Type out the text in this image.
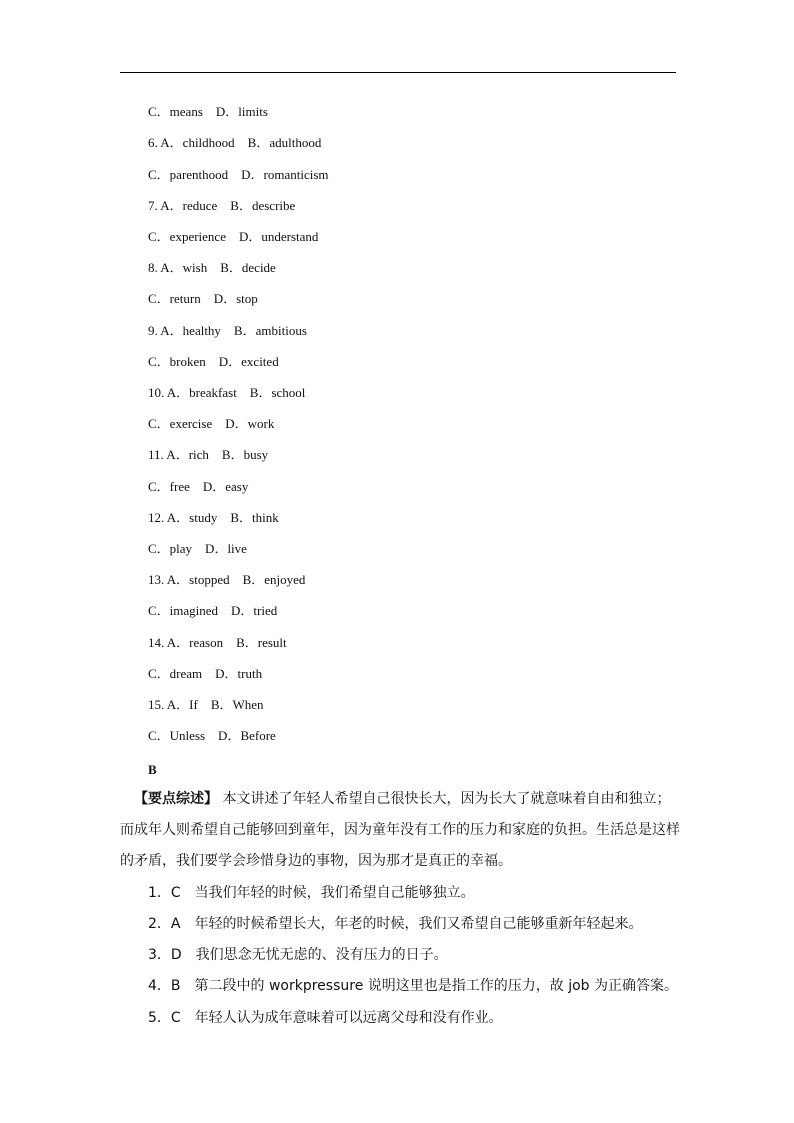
C．means　D．limits
6. A．childhood　B．adulthood
C．parenthood　D．romanticism
7. A．reduce　B．describe
C．experience　D．understand
8. A．wish　B．decide
C．return　D．stop
9. A．healthy　B．ambitious
C．broken　D．excited
10. A．breakfast　B．school
C．exercise　D．work
11. A．rich　B．busy
C．free　D．easy
12. A．study　B．think
C．play　D．live
13. A．stopped　B．enjoyed
C．imagined　D．tried
14. A．reason　B．result
C．dream　D．truth
15. A．If　B．When
C．Unless　D．Before
B
【要点综述】 本文讲述了年轻人希望自己很快长大，因为长大了就意味着自由和独立；
而成年人则希望自己能够回到童年，因为童年没有工作的压力和家庭的负担。生活总是这样
的矛盾，我们要学会珍惜身边的事物，因为那才是真正的幸福。
1．C　当我们年轻的时候，我们希望自己能够独立。
2．A　年轻的时候希望长大，年老的时候，我们又希望自己能够重新年轻起来。
3．D　我们思念无忧无虑的、没有压力的日子。
4．B　第二段中的 workpressure 说明这里也是指工作的压力，故 job 为正确答案。
5．C　年轻人认为成年意味着可以远离父母和没有作业。
